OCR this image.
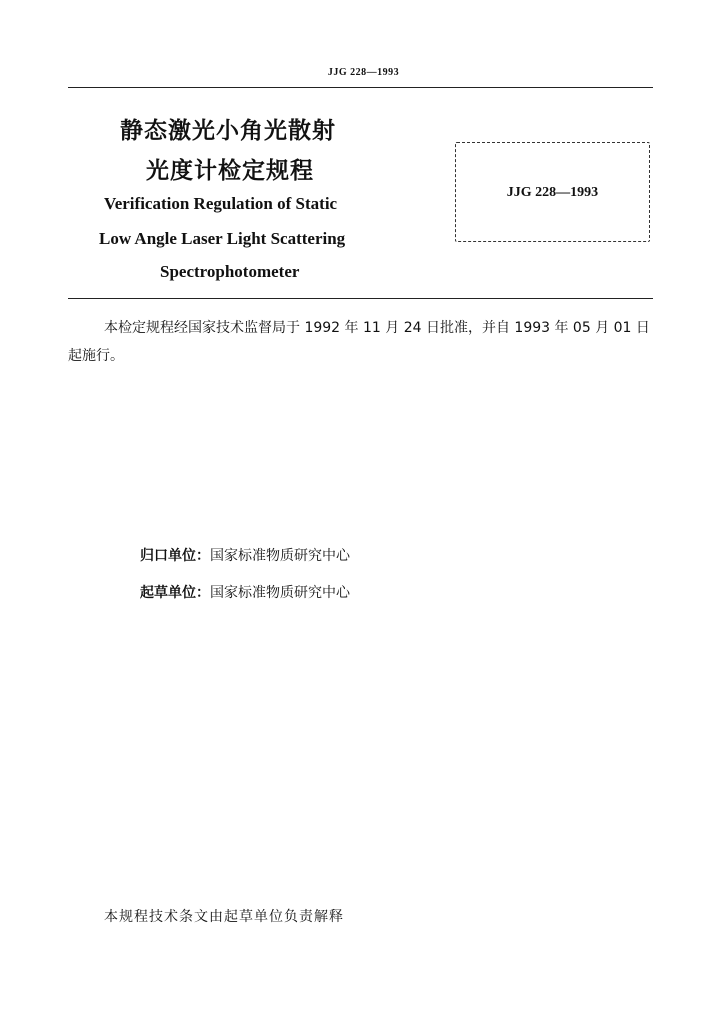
JJG 228—1993
静态激光小角光散射
光度计检定规程
Verification Regulation of Static
Low Angle Laser Light Scattering
Spectrophotometer
JJG 228—1993
本检定规程经国家技术监督局于 1992 年 11 月 24 日批准，并自 1993 年 05 月 01 日起施行。
归口单位：国家标准物质研究中心
起草单位：国家标准物质研究中心
本规程技术条文由起草单位负责解释
